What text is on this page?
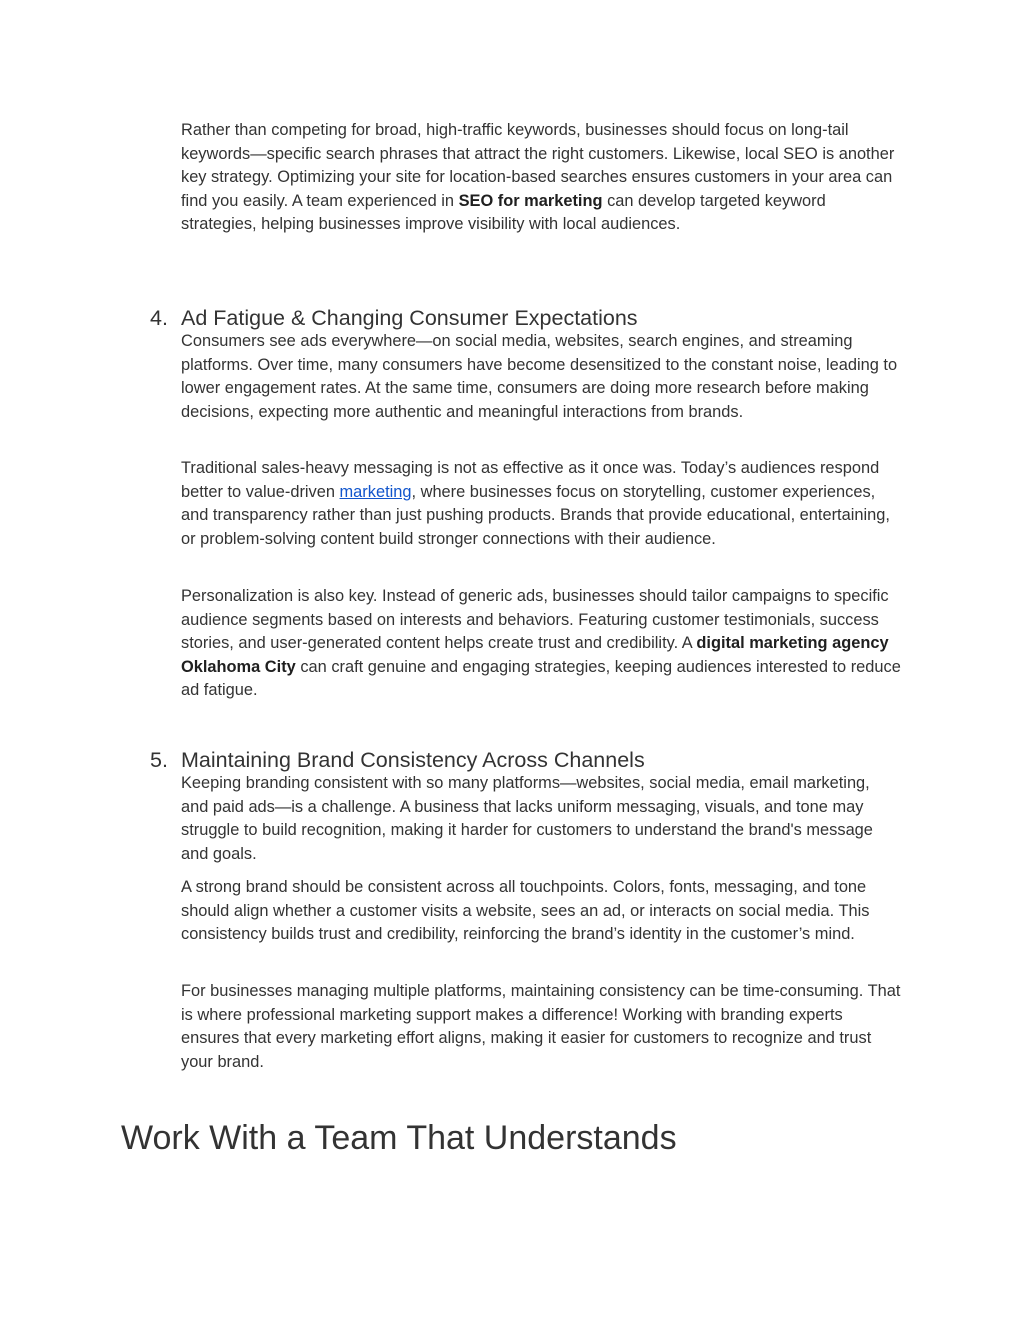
Rather than competing for broad, high-traffic keywords, businesses should focus on long-tail keywords—specific search phrases that attract the right customers. Likewise, local SEO is another key strategy. Optimizing your site for location-based searches ensures customers in your area can find you easily. A team experienced in SEO for marketing can develop targeted keyword strategies, helping businesses improve visibility with local audiences.

4. Ad Fatigue & Changing Consumer Expectations

Consumers see ads everywhere—on social media, websites, search engines, and streaming platforms. Over time, many consumers have become desensitized to the constant noise, leading to lower engagement rates. At the same time, consumers are doing more research before making decisions, expecting more authentic and meaningful interactions from brands.

Traditional sales-heavy messaging is not as effective as it once was. Today’s audiences respond better to value-driven marketing, where businesses focus on storytelling, customer experiences, and transparency rather than just pushing products. Brands that provide educational, entertaining, or problem-solving content build stronger connections with their audience.

Personalization is also key. Instead of generic ads, businesses should tailor campaigns to specific audience segments based on interests and behaviors. Featuring customer testimonials, success stories, and user-generated content helps create trust and credibility. A digital marketing agency Oklahoma City can craft genuine and engaging strategies, keeping audiences interested to reduce ad fatigue.

5. Maintaining Brand Consistency Across Channels

Keeping branding consistent with so many platforms—websites, social media, email marketing, and paid ads—is a challenge. A business that lacks uniform messaging, visuals, and tone may struggle to build recognition, making it harder for customers to understand the brand's message and goals.

A strong brand should be consistent across all touchpoints. Colors, fonts, messaging, and tone should align whether a customer visits a website, sees an ad, or interacts on social media. This consistency builds trust and credibility, reinforcing the brand’s identity in the customer’s mind.

For businesses managing multiple platforms, maintaining consistency can be time-consuming. That is where professional marketing support makes a difference! Working with branding experts ensures that every marketing effort aligns, making it easier for customers to recognize and trust your brand.

Work With a Team That Understands
